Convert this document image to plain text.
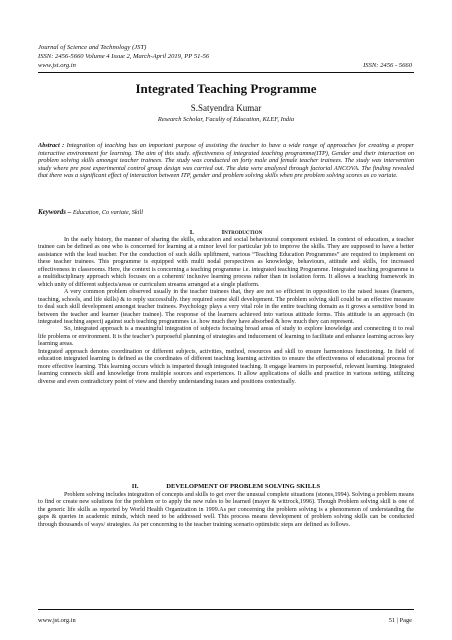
Journal of Science and Technology (JST)
ISSN: 2456-5660 Volume 4 Issue 2, March-April 2019, PP 51-56
www.jst.org.in	ISSN: 2456 - 5660
Integrated Teaching Programme
S.Satyendra Kumar
Research Scholar, Faculty of Education, KLEF, India
Abstract : Integration of teaching has an important purpose of assisting the teacher to have a wide range of approaches for creating a proper interactive environment for learning. The aim of this study. effectiveness of integrated teaching programme(ITP), Gender and their interaction on problem solving skills amongst teacher trainees. The study was conducted on forty male and female teacher trainees. The study was intervention study where pre post experimental control group design was carried out. The data were analyzed through factorial ANCOVA. The finding revealed that there was a significant effect of interaction between ITP, gender and problem solving skills when pre problem solving scores as co variate.
Keywords – Education, Co variate, Skill
I.	Introduction

In the early history, the manner of sharing the skills, education and social behavioural component existed. In context of education, a teacher trainee can be defined as one who is concerned for learning at a minor level for particular job to improve the skills. They are supposed to have a better assistance with the lead teacher. For the conduction of such skills upliftment, various “Teaching Education Programmes” are required to implement on these teacher trainees. This programme is equipped with multi nodal perspectives as knowledge, behaviours, attitude and skills, for increased effectiveness in classrooms. Here, the context is concerning a teaching programme i.e. integrated teaching Programme. Integrated teaching programme is a multidisciplinary approach which focuses on a coherent/ inclusive learning process rather than in isolation form. It allows a teaching framework in which unity of different subjects/areas or curriculum streams arranged at a single platform.

A very common problem observed usually in the teacher trainees that, they are not so efficient in opposition to the raised issues (learners, teaching, schools, and life skills) & to reply successfully. they required some skill development. The problem solving skill could be an effective measure to deal such skill development amongst teacher trainees. Psychology plays a very vital role in the entire teaching domain as it grows a sensitive bond in between the teacher and learner (teacher trainee). The response of the learners achieved into various attitude forms. This attitude is an approach (in integrated teaching aspect) against such teaching programmes i.e. how much they have absorbed & how much they can represent.

So, integrated approach is a meaningful integration of subjects focusing broad areas of study to explore knowledge and connecting it to real life problems or environment. It is the teacher’s purposeful planning of strategies and inducement of learning to facilitate and enhance learning across key learning areas.

Integrated approach denotes coordination or different subjects, activities, method, resources and skill to ensure harmonious functioning. In field of education integrated learning is defined as the coordinates of different teaching learning activities to ensure the effectiveness of educational process for more effective learning. This learning occurs which is imparted though integrated teaching. It engage learners in purposeful, relevant learning. Integrated learning connects skill and knowledge from multiple sources and experiences. It allow applications of skills and practice in various setting, utilizing diverse and even contradictory point of view and thereby understanding issues and positions contextually.

II.	DEVELOPMENT OF PROBLEM SOLVING SKILLS

Problem solving includes integration of concepts and skills to get over the unusual complete situations (stones,1994). Solving a problem means to find or create new solutions for the problem or to apply the new rules to be learned (mayer & wittrock,1996). Though Problem solving skill is one of the generic life skills as reported by World Health Organization in 1999.As per concerning the problem solving is a phenomenon of understanding the gaps & queries in academic minds, which need to be addressed well. This process means development of problem solving skills can be conducted through thousands of ways/ strategies. As per concerning to the teacher training scenario optimistic steps are defined as follows.

www.jst.org.in	51 | Page
